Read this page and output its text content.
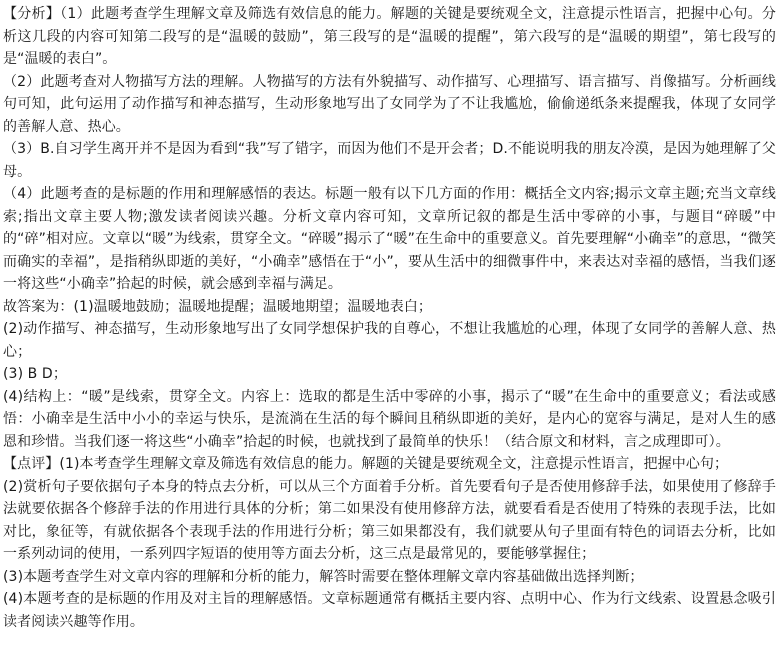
【分析】（1）此题考查学生理解文章及筛选有效信息的能力。解题的关键是要统观全文，注意提示性语言，把握中心句。分析这几段的内容可知第二段写的是“温暖的鼓励”，第三段写的是“温暖的提醒”，第六段写的是“温暖的期望”，第七段写的是“温暖的表白”。

（2）此题考查对人物描写方法的理解。人物描写的方法有外貌描写、动作描写、心理描写、语言描写、肖像描写。分析画线句可知，此句运用了动作描写和神态描写，生动形象地写出了女同学为了不让我尴尬，偷偷递纸条来提醒我，体现了女同学的善解人意、热心。

（3）B.自习学生离开并不是因为看到“我”写了错字，而因为他们不是开会者；D.不能说明我的朋友冷漠，是因为她理解了父母。

（4）此题考查的是标题的作用和理解感悟的表达。标题一般有以下几方面的作用：概括全文内容;揭示文章主题;充当文章线索;指出文章主要人物;激发读者阅读兴趣。分析文章内容可知，文章所记叙的都是生活中零碎的小事，与题目“碎暖”中的“碎”相对应。文章以“暖”为线索，贯穿全文。“碎暖”揭示了“暖”在生命中的重要意义。首先要理解“小确幸”的意思，“微笑而确实的幸福”，是指稍纵即逝的美好，“小确幸”感悟在于“小”，要从生活中的细微事件中，来表达对幸福的感悟，当我们逐一将这些“小确幸”拾起的时候，就会感到幸福与满足。

故答案为：(1)温暖地鼓励；温暖地提醒；温暖地期望；温暖地表白；

(2)动作描写、神态描写，生动形象地写出了女同学想保护我的自尊心，不想让我尴尬的心理，体现了女同学的善解人意、热心；

(3) B D；

(4)结构上：“暖”是线索，贯穿全文。内容上：选取的都是生活中零碎的小事，揭示了“暖”在生命中的重要意义；看法或感悟：小确幸是生活中小小的幸运与快乐，是流淌在生活的每个瞬间且稍纵即逝的美好，是内心的宽容与满足，是对人生的感恩和珍惜。当我们逐一将这些“小确幸”拾起的时候，也就找到了最简单的快乐！（结合原文和材料，言之成理即可）。

【点评】(1)本考查学生理解文章及筛选有效信息的能力。解题的关键是要统观全文，注意提示性语言，把握中心句；

(2)赏析句子要依据句子本身的特点去分析，可以从三个方面着手分析。首先要看句子是否使用修辞手法，如果使用了修辞手法就要依据各个修辞手法的作用进行具体的分析；第二如果没有使用修辞方法，就要看看是否使用了特殊的表现手法，比如对比，象征等，有就依据各个表现手法的作用进行分析；第三如果都没有，我们就要从句子里面有特色的词语去分析，比如一系列动词的使用，一系列四字短语的使用等方面去分析，这三点是最常见的，要能够掌握住；

(3)本题考查学生对文章内容的理解和分析的能力，解答时需要在整体理解文章内容基础做出选择判断；

(4)本题考查的是标题的作用及对主旨的理解感悟。文章标题通常有概括主要内容、点明中心、作为行文线索、设置悬念吸引读者阅读兴趣等作用。
